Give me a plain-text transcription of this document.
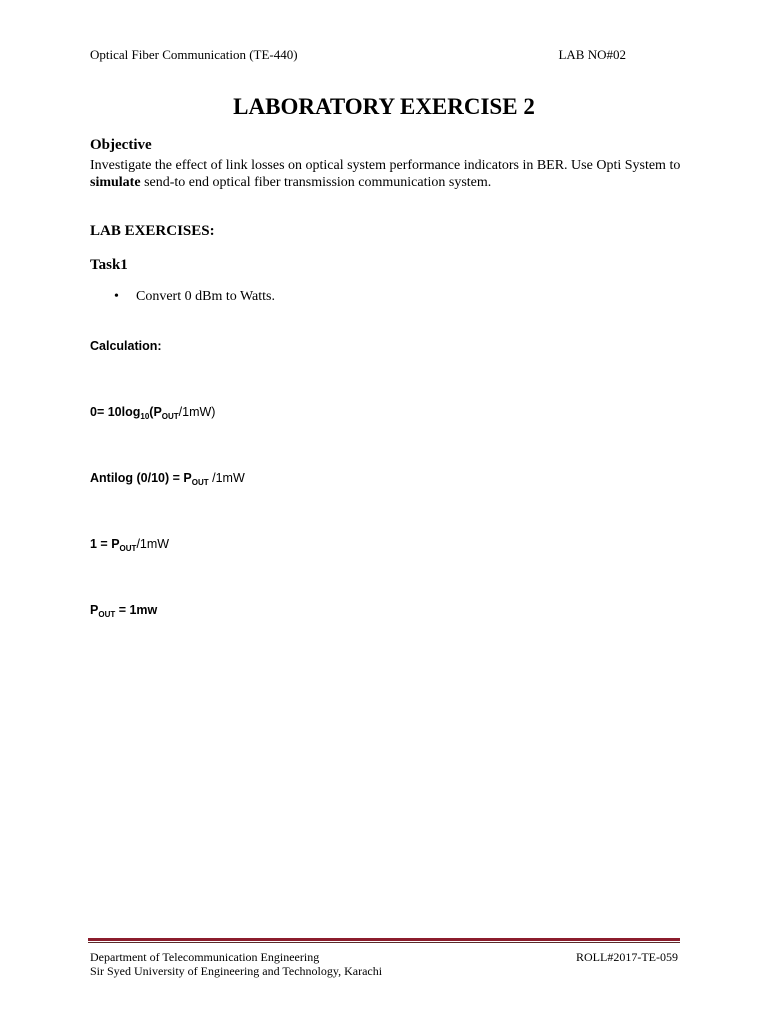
Optical Fiber Communication (TE-440)	LAB NO#02
LABORATORY EXERCISE 2
Objective
Investigate the effect of link losses on optical system performance indicators in BER. Use Opti System to simulate send-to end optical fiber transmission communication system.
LAB EXERCISES:
Task1
• Convert 0 dBm to Watts.
Calculation:
$0= 10\log_{10}(P_{OUT}/1mW)$
Antilog $(0/10) = P_{OUT}$ /1mW
$1 = P_{OUT}/1mW$
$P_{OUT} = 1mw$
Department of Telecommunication Engineering
Sir Syed University of Engineering and Technology, Karachi
ROLL#2017-TE-059
